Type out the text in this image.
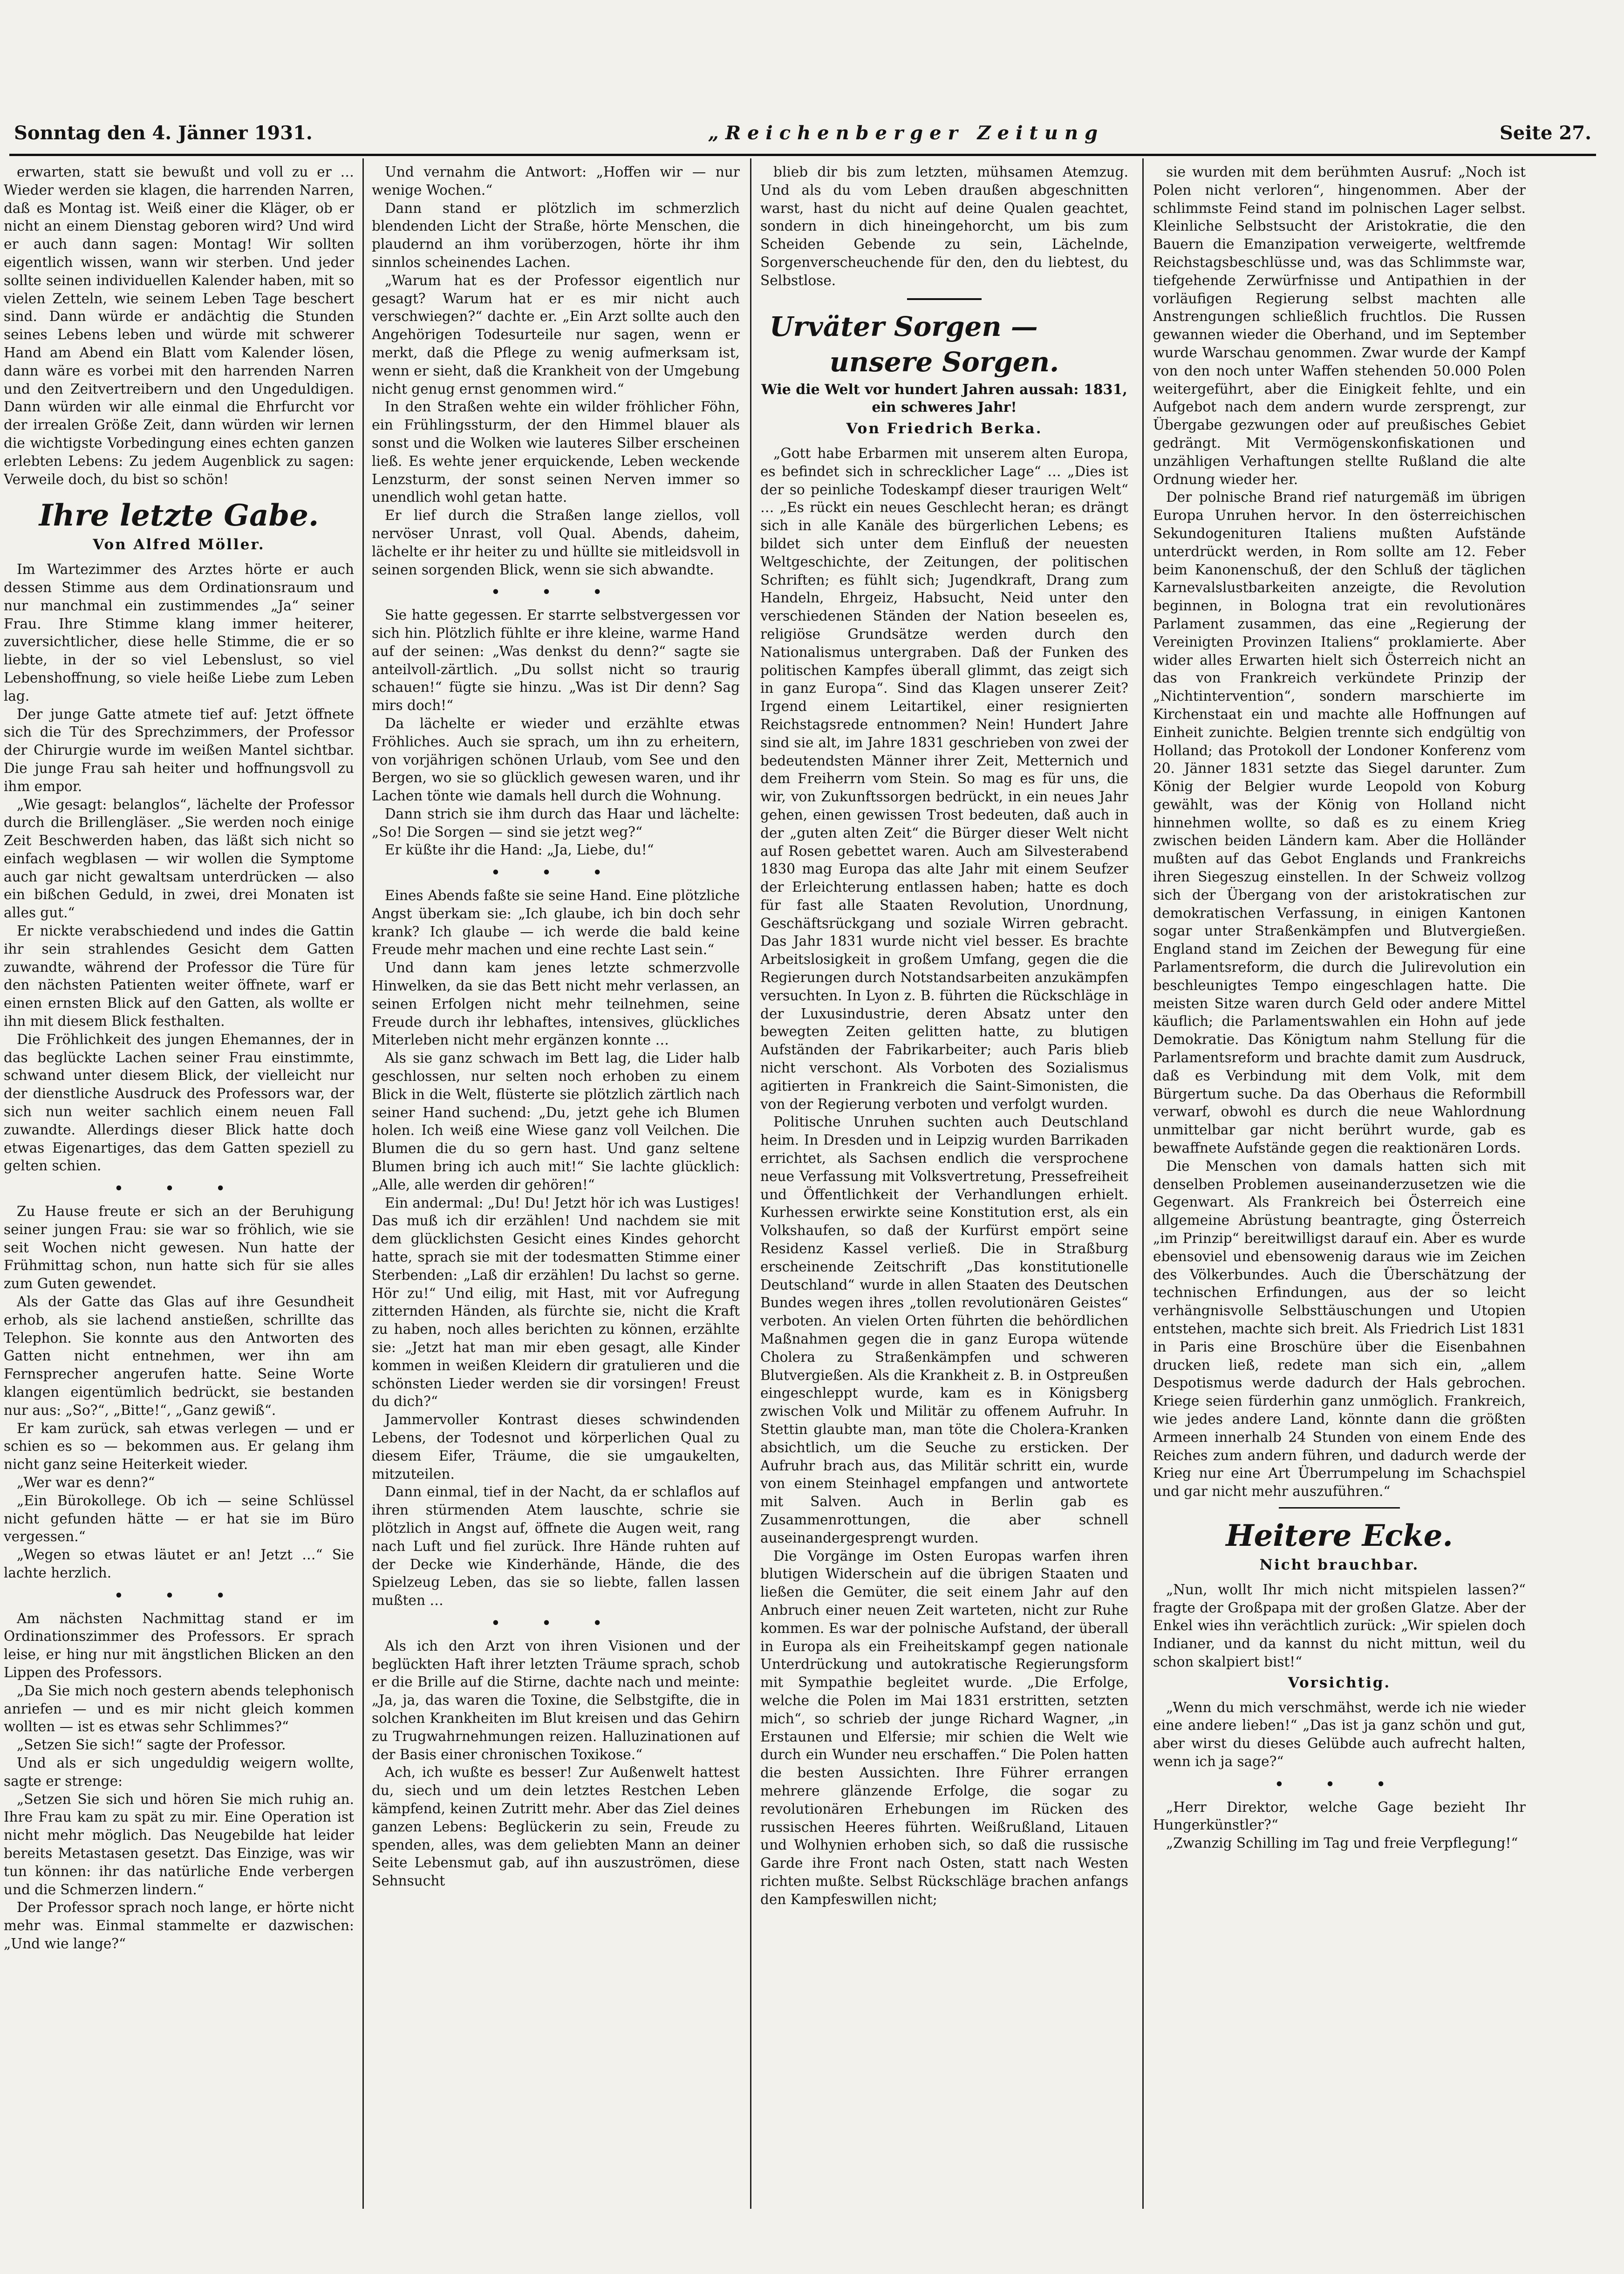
Sonntag den 4. Jänner 1931.	„Reichenberger Zeitung	Seite 27.

erwarten, statt sie bewußt und voll zu er … Wieder werden sie klagen, die harrenden Narren, daß es Montag ist. Weiß einer die Kläger, ob er nicht an einem Dienstag geboren wird? Und wird er auch dann sagen: Montag! Wir sollten eigentlich wissen, wann wir sterben. Und jeder sollte seinen individuellen Kalender haben, mit so vielen Zetteln, wie seinem Leben Tage beschert sind. Dann würde er andächtig die Stunden seines Lebens leben und würde mit schwerer Hand am Abend ein Blatt vom Kalender lösen, dann wäre es vorbei mit den harrenden Narren und den Zeitvertreibern und den Ungeduldigen. Dann würden wir alle einmal die Ehrfurcht vor der irrealen Größe Zeit, dann würden wir lernen die wichtigste Vorbedingung eines echten ganzen erlebten Lebens: Zu jedem Augenblick zu sagen: Verweile doch, du bist so schön!

Ihre letzte Gabe.
Von Alfred Möller.

Im Wartezimmer des Arztes hörte er auch dessen Stimme aus dem Ordinationsraum und nur manchmal ein zustimmendes „Ja“ seiner Frau. Ihre Stimme klang immer heiterer, zuversichtlicher, diese helle Stimme, die er so liebte, in der so viel Lebenslust, so viel Lebenshoffnung, so viele heiße Liebe zum Leben lag.

Der junge Gatte atmete tief auf: Jetzt öffnete sich die Tür des Sprechzimmers, der Professor der Chirurgie wurde im weißen Mantel sichtbar. Die junge Frau sah heiter und hoffnungsvoll zu ihm empor.

„Wie gesagt: belanglos“, lächelte der Professor durch die Brillengläser. „Sie werden noch einige Zeit Beschwerden haben, das läßt sich nicht so einfach wegblasen — wir wollen die Symptome auch gar nicht gewaltsam unterdrücken — also ein bißchen Geduld, in zwei, drei Monaten ist alles gut.“

Er nickte verabschiedend und indes die Gattin ihr sein strahlendes Gesicht dem Gatten zuwandte, während der Professor die Türe für den nächsten Patienten weiter öffnete, warf er einen ernsten Blick auf den Gatten, als wollte er ihn mit diesem Blick festhalten.

Die Fröhlichkeit des jungen Ehemannes, der in das beglückte Lachen seiner Frau einstimmte, schwand unter diesem Blick, der vielleicht nur der dienstliche Ausdruck des Professors war, der sich nun weiter sachlich einem neuen Fall zuwandte. Allerdings dieser Blick hatte doch etwas Eigenartiges, das dem Gatten speziell zu gelten schien.

• • •

Zu Hause freute er sich an der Beruhigung seiner jungen Frau: sie war so fröhlich, wie sie seit Wochen nicht gewesen. Nun hatte der Frühmittag schon, nun hatte sich für sie alles zum Guten gewendet.

Als der Gatte das Glas auf ihre Gesundheit erhob, als sie lachend anstießen, schrillte das Telephon. Sie konnte aus den Antworten des Gatten nicht entnehmen, wer ihn am Fernsprecher angerufen hatte. Seine Worte klangen eigentümlich bedrückt, sie bestanden nur aus: „So?“, „Bitte!“, „Ganz gewiß“.

Er kam zurück, sah etwas verlegen — und er schien es so — bekommen aus. Er gelang ihm nicht ganz seine Heiterkeit wieder.

„Wer war es denn?“

„Ein Bürokollege. Ob ich — seine Schlüssel nicht gefunden hätte — er hat sie im Büro vergessen.“

„Wegen so etwas läutet er an! Jetzt …“ Sie lachte herzlich.

• • •

Am nächsten Nachmittag stand er im Ordinationszimmer des Professors. Er sprach leise, er hing nur mit ängstlichen Blicken an den Lippen des Professors.

„Da Sie mich noch gestern abends telephonisch anriefen — und es mir nicht gleich kommen wollten — ist es etwas sehr Schlimmes?“

„Setzen Sie sich!“ sagte der Professor.

Und als er sich ungeduldig weigern wollte, sagte er strenge:

„Setzen Sie sich und hören Sie mich ruhig an. Ihre Frau kam zu spät zu mir. Eine Operation ist nicht mehr möglich. Das Neugebilde hat leider bereits Metastasen gesetzt. Das Einzige, was wir tun können: ihr das natürliche Ende verbergen und die Schmerzen lindern.“

Der Professor sprach noch lange, er hörte nicht mehr was. Einmal stammelte er dazwischen: „Und wie lange?“

Und vernahm die Antwort: „Hoffen wir — nur wenige Wochen.“

Dann stand er plötzlich im schmerzlich blendenden Licht der Straße, hörte Menschen, die plaudernd an ihm vorüberzogen, hörte ihr ihm sinnlos scheinendes Lachen.

„Warum hat es der Professor eigentlich nur gesagt? Warum hat er es mir nicht auch verschwiegen?“ dachte er. „Ein Arzt sollte auch den Angehörigen Todesurteile nur sagen, wenn er merkt, daß die Pflege zu wenig aufmerksam ist, wenn er sieht, daß die Krankheit von der Umgebung nicht genug ernst genommen wird.“

In den Straßen wehte ein wilder fröhlicher Föhn, ein Frühlingssturm, der den Himmel blauer als sonst und die Wolken wie lauteres Silber erscheinen ließ. Es wehte jener erquickende, Leben weckende Lenzsturm, der sonst seinen Nerven immer so unendlich wohl getan hatte.

Er lief durch die Straßen lange ziellos, voll nervöser Unrast, voll Qual. Abends, daheim, lächelte er ihr heiter zu und hüllte sie mitleidsvoll in seinen sorgenden Blick, wenn sie sich abwandte.

• • •

Sie hatte gegessen. Er starrte selbstvergessen vor sich hin. Plötzlich fühlte er ihre kleine, warme Hand auf der seinen: „Was denkst du denn?“ sagte sie anteilvoll-zärtlich. „Du sollst nicht so traurig schauen!“ fügte sie hinzu. „Was ist Dir denn? Sag mirs doch!“

Da lächelte er wieder und erzählte etwas Fröhliches. Auch sie sprach, um ihn zu erheitern, von vorjährigen schönen Urlaub, vom See und den Bergen, wo sie so glücklich gewesen waren, und ihr Lachen tönte wie damals hell durch die Wohnung.

Dann strich sie ihm durch das Haar und lächelte: „So! Die Sorgen — sind sie jetzt weg?“

Er küßte ihr die Hand: „Ja, Liebe, du!“

• • •

Eines Abends faßte sie seine Hand. Eine plötzliche Angst überkam sie: „Ich glaube, ich bin doch sehr krank? Ich glaube — ich werde die bald keine Freude mehr machen und eine rechte Last sein.“

Und dann kam jenes letzte schmerzvolle Hinwelken, da sie das Bett nicht mehr verlassen, an seinen Erfolgen nicht mehr teilnehmen, seine Freude durch ihr lebhaftes, intensives, glückliches Miterleben nicht mehr ergänzen konnte …

Als sie ganz schwach im Bett lag, die Lider halb geschlossen, nur selten noch erhoben zu einem Blick in die Welt, flüsterte sie plötzlich zärtlich nach seiner Hand suchend: „Du, jetzt gehe ich Blumen holen. Ich weiß eine Wiese ganz voll Veilchen. Die Blumen die du so gern hast. Und ganz seltene Blumen bring ich auch mit!“ Sie lachte glücklich: „Alle, alle werden dir gehören!“

Ein andermal: „Du! Du! Jetzt hör ich was Lustiges! Das muß ich dir erzählen! Und nachdem sie mit dem glücklichsten Gesicht eines Kindes gehorcht hatte, sprach sie mit der todesmatten Stimme einer Sterbenden: „Laß dir erzählen! Du lachst so gerne. Hör zu!“ Und eilig, mit Hast, mit vor Aufregung zitternden Händen, als fürchte sie, nicht die Kraft zu haben, noch alles berichten zu können, erzählte sie: „Jetzt hat man mir eben gesagt, alle Kinder kommen in weißen Kleidern dir gratulieren und die schönsten Lieder werden sie dir vorsingen! Freust du dich?“

Jammervoller Kontrast dieses schwindenden Lebens, der Todesnot und körperlichen Qual zu diesem Eifer, Träume, die sie umgaukelten, mitzuteilen.

Dann einmal, tief in der Nacht, da er schlaflos auf ihren stürmenden Atem lauschte, schrie sie plötzlich in Angst auf, öffnete die Augen weit, rang nach Luft und fiel zurück. Ihre Hände ruhten auf der Decke wie Kinderhände, Hände, die des Spielzeug Leben, das sie so liebte, fallen lassen mußten …

• • •

Als ich den Arzt von ihren Visionen und der beglückten Haft ihrer letzten Träume sprach, schob er die Brille auf die Stirne, dachte nach und meinte: „Ja, ja, das waren die Toxine, die Selbstgifte, die in solchen Krankheiten im Blut kreisen und das Gehirn zu Trugwahrnehmungen reizen. Halluzinationen auf der Basis einer chronischen Toxikose.“

Ach, ich wußte es besser! Zur Außenwelt hattest du, siech und um dein letztes Restchen Leben kämpfend, keinen Zutritt mehr. Aber das Ziel deines ganzen Lebens: Beglückerin zu sein, Freude zu spenden, alles, was dem geliebten Mann an deiner Seite Lebensmut gab, auf ihn auszuströmen, diese Sehnsucht

blieb dir bis zum letzten, mühsamen Atemzug. Und als du vom Leben draußen abgeschnitten warst, hast du nicht auf deine Qualen geachtet, sondern in dich hineingehorcht, um bis zum Scheiden Gebende zu sein, Lächelnde, Sorgenverscheuchende für den, den du liebtest, du Selbstlose.

Urväter Sorgen —
unsere Sorgen.
Wie die Welt vor hundert Jahren aussah: 1831, ein schweres Jahr!
Von Friedrich Berka.

„Gott habe Erbarmen mit unserem alten Europa, es befindet sich in schrecklicher Lage“ … „Dies ist der so peinliche Todeskampf dieser traurigen Welt“ … „Es rückt ein neues Geschlecht heran; es drängt sich in alle Kanäle des bürgerlichen Lebens; es bildet sich unter dem Einfluß der neuesten Weltgeschichte, der Zeitungen, der politischen Schriften; es fühlt sich; Jugendkraft, Drang zum Handeln, Ehrgeiz, Habsucht, Neid unter den verschiedenen Ständen der Nation beseelen es, religiöse Grundsätze werden durch den Nationalismus untergraben. Daß der Funken des politischen Kampfes überall glimmt, das zeigt sich in ganz Europa“. Sind das Klagen unserer Zeit? Irgend einem Leitartikel, einer resignierten Reichstagsrede entnommen? Nein! Hundert Jahre sind sie alt, im Jahre 1831 geschrieben von zwei der bedeutendsten Männer ihrer Zeit, Metternich und dem Freiherrn vom Stein. So mag es für uns, die wir, von Zukunftssorgen bedrückt, in ein neues Jahr gehen, einen gewissen Trost bedeuten, daß auch in der „guten alten Zeit“ die Bürger dieser Welt nicht auf Rosen gebettet waren. Auch am Silvesterabend 1830 mag Europa das alte Jahr mit einem Seufzer der Erleichterung entlassen haben; hatte es doch für fast alle Staaten Revolution, Unordnung, Geschäftsrückgang und soziale Wirren gebracht. Das Jahr 1831 wurde nicht viel besser. Es brachte Arbeitslosigkeit in großem Umfang, gegen die die Regierungen durch Notstandsarbeiten anzukämpfen versuchten. In Lyon z. B. führten die Rückschläge in der Luxusindustrie, deren Absatz unter den bewegten Zeiten gelitten hatte, zu blutigen Aufständen der Fabrikarbeiter; auch Paris blieb nicht verschont. Als Vorboten des Sozialismus agitierten in Frankreich die Saint-Simonisten, die von der Regierung verboten und verfolgt wurden.

Politische Unruhen suchten auch Deutschland heim. In Dresden und in Leipzig wurden Barrikaden errichtet, als Sachsen endlich die versprochene neue Verfassung mit Volksvertretung, Pressefreiheit und Öffentlichkeit der Verhandlungen erhielt. Kurhessen erwirkte seine Konstitution erst, als ein Volkshaufen, so daß der Kurfürst empört seine Residenz Kassel verließ. Die in Straßburg erscheinende Zeitschrift „Das konstitutionelle Deutschland“ wurde in allen Staaten des Deutschen Bundes wegen ihres „tollen revolutionären Geistes“ verboten. An vielen Orten führten die behördlichen Maßnahmen gegen die in ganz Europa wütende Cholera zu Straßenkämpfen und schweren Blutvergießen. Als die Krankheit z. B. in Ostpreußen eingeschleppt wurde, kam es in Königsberg zwischen Volk und Militär zu offenem Aufruhr. In Stettin glaubte man, man töte die Cholera-Kranken absichtlich, um die Seuche zu ersticken. Der Aufruhr brach aus, das Militär schritt ein, wurde von einem Steinhagel empfangen und antwortete mit Salven. Auch in Berlin gab es Zusammenrottungen, die aber schnell auseinandergesprengt wurden.

Die Vorgänge im Osten Europas warfen ihren blutigen Widerschein auf die übrigen Staaten und ließen die Gemüter, die seit einem Jahr auf den Anbruch einer neuen Zeit warteten, nicht zur Ruhe kommen. Es war der polnische Aufstand, der überall in Europa als ein Freiheitskampf gegen nationale Unterdrückung und autokratische Regierungsform mit Sympathie begleitet wurde. „Die Erfolge, welche die Polen im Mai 1831 erstritten, setzten mich“, so schrieb der junge Richard Wagner, „in Erstaunen und Elfersie; mir schien die Welt wie durch ein Wunder neu erschaffen.“ Die Polen hatten die besten Aussichten. Ihre Führer errangen mehrere glänzende Erfolge, die sogar zu revolutionären Erhebungen im Rücken des russischen Heeres führten. Weißrußland, Litauen und Wolhynien erhoben sich, so daß die russische Garde ihre Front nach Osten, statt nach Westen richten mußte. Selbst Rückschläge brachen anfangs den Kampfeswillen nicht;

sie wurden mit dem berühmten Ausruf: „Noch ist Polen nicht verloren“, hingenommen. Aber der schlimmste Feind stand im polnischen Lager selbst. Kleinliche Selbstsucht der Aristokratie, die den Bauern die Emanzipation verweigerte, weltfremde Reichstagsbeschlüsse und, was das Schlimmste war, tiefgehende Zerwürfnisse und Antipathien in der vorläufigen Regierung selbst machten alle Anstrengungen schließlich fruchtlos. Die Russen gewannen wieder die Oberhand, und im September wurde Warschau genommen. Zwar wurde der Kampf von den noch unter Waffen stehenden 50.000 Polen weitergeführt, aber die Einigkeit fehlte, und ein Aufgebot nach dem andern wurde zersprengt, zur Übergabe gezwungen oder auf preußisches Gebiet gedrängt. Mit Vermögenskonfiskationen und unzähligen Verhaftungen stellte Rußland die alte Ordnung wieder her.

Der polnische Brand rief naturgemäß im übrigen Europa Unruhen hervor. In den österreichischen Sekundogenituren Italiens mußten Aufstände unterdrückt werden, in Rom sollte am 12. Feber beim Kanonenschuß, der den Schluß der täglichen Karnevalslustbarkeiten anzeigte, die Revolution beginnen, in Bologna trat ein revolutionäres Parlament zusammen, das eine „Regierung der Vereinigten Provinzen Italiens“ proklamierte. Aber wider alles Erwarten hielt sich Österreich nicht an das von Frankreich verkündete Prinzip der „Nichtintervention“, sondern marschierte im Kirchenstaat ein und machte alle Hoffnungen auf Einheit zunichte. Belgien trennte sich endgültig von Holland; das Protokoll der Londoner Konferenz vom 20. Jänner 1831 setzte das Siegel darunter. Zum König der Belgier wurde Leopold von Koburg gewählt, was der König von Holland nicht hinnehmen wollte, so daß es zu einem Krieg zwischen beiden Ländern kam. Aber die Holländer mußten auf das Gebot Englands und Frankreichs ihren Siegeszug einstellen. In der Schweiz vollzog sich der Übergang von der aristokratischen zur demokratischen Verfassung, in einigen Kantonen sogar unter Straßenkämpfen und Blutvergießen. England stand im Zeichen der Bewegung für eine Parlamentsreform, die durch die Julirevolution ein beschleunigtes Tempo eingeschlagen hatte. Die meisten Sitze waren durch Geld oder andere Mittel käuflich; die Parlamentswahlen ein Hohn auf jede Demokratie. Das Königtum nahm Stellung für die Parlamentsreform und brachte damit zum Ausdruck, daß es Verbindung mit dem Volk, mit dem Bürgertum suche. Da das Oberhaus die Reformbill verwarf, obwohl es durch die neue Wahlordnung unmittelbar gar nicht berührt wurde, gab es bewaffnete Aufstände gegen die reaktionären Lords.

Die Menschen von damals hatten sich mit denselben Problemen auseinanderzusetzen wie die Gegenwart. Als Frankreich bei Österreich eine allgemeine Abrüstung beantragte, ging Österreich „im Prinzip“ bereitwilligst darauf ein. Aber es wurde ebensoviel und ebensowenig daraus wie im Zeichen des Völkerbundes. Auch die Überschätzung der technischen Erfindungen, aus der so leicht verhängnisvolle Selbsttäuschungen und Utopien entstehen, machte sich breit. Als Friedrich List 1831 in Paris eine Broschüre über die Eisenbahnen drucken ließ, redete man sich ein, „allem Despotismus werde dadurch der Hals gebrochen. Kriege seien fürderhin ganz unmöglich. Frankreich, wie jedes andere Land, könnte dann die größten Armeen innerhalb 24 Stunden von einem Ende des Reiches zum andern führen, und dadurch werde der Krieg nur eine Art Überrumpelung im Schachspiel und gar nicht mehr auszuführen.“

Heitere Ecke.
Nicht brauchbar.

„Nun, wollt Ihr mich nicht mitspielen lassen?“ fragte der Großpapa mit der großen Glatze. Aber der Enkel wies ihn verächtlich zurück: „Wir spielen doch Indianer, und da kannst du nicht mittun, weil du schon skalpiert bist!“

Vorsichtig.

„Wenn du mich verschmähst, werde ich nie wieder eine andere lieben!“ „Das ist ja ganz schön und gut, aber wirst du dieses Gelübde auch aufrecht halten, wenn ich ja sage?“

• • •

„Herr Direktor, welche Gage bezieht Ihr Hungerkünstler?“

„Zwanzig Schilling im Tag und freie Verpflegung!“
